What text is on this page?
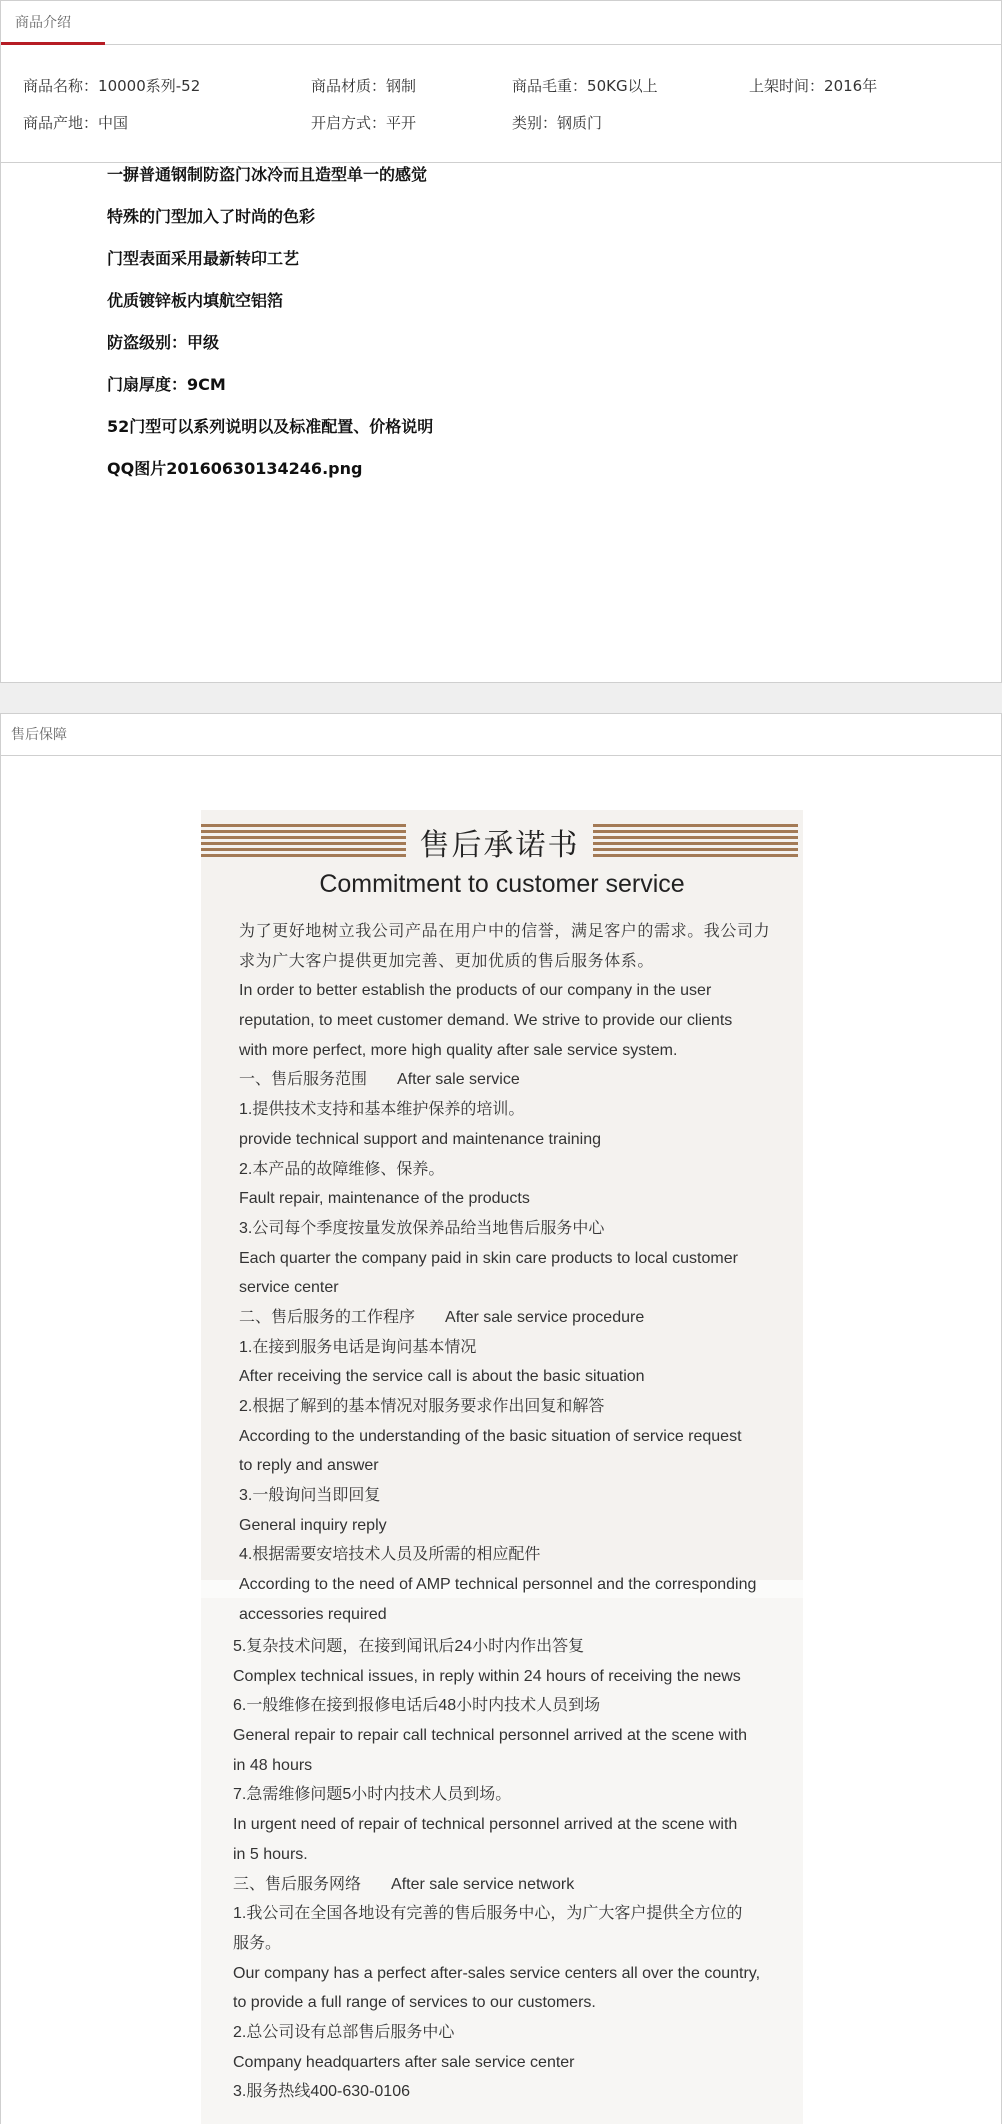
商品介绍
商品名称 ： 10000系列-52	商品材质 ： 钢制	商品毛重 ： 50KG以上	上架时间 ： 2016年
商品产地 ： 中国	开启方式 ： 平开	类别 ： 钢质门

一摒普通钢制防盗门冰冷而且造型单一的感觉

特殊的门型加入了时尚的色彩

门型表面采用最新转印工艺

优质镀锌板内填航空铝箔

防盗级别：甲级

门扇厚度：9CM

52门型可以系列说明以及标准配置、价格说明

QQ图片20160630134246.png

售后保障
售后承诺书
Commitment to customer service

为了更好地树立我公司产品在用户中的信誉，满足客户的需求。我公司力

求为广大客户提供更加完善、更加优质的售后服务体系。

In order to better establish the products of our company in the user

reputation, to meet customer demand. We strive to provide our clients

with more perfect, more high quality after sale service system.

一、售后服务范围 After sale service

1.提供技术支持和基本维护保养的培训。

provide technical support and maintenance training

2.本产品的故障维修、保养。

Fault repair, maintenance of the products

3.公司每个季度按量发放保养品给当地售后服务中心

Each quarter the company paid in skin care products to local customer

service center

二、售后服务的工作程序 After sale service procedure

1.在接到服务电话是询问基本情况

After receiving the service call is about the basic situation

2.根据了解到的基本情况对服务要求作出回复和解答

According to the understanding of the basic situation of service request

to reply and answer

3.一般询问当即回复

General inquiry reply

4.根据需要安培技术人员及所需的相应配件

According to the need of AMP technical personnel and the corresponding

accessories required

5.复杂技术问题，在接到闻讯后24小时内作出答复

Complex technical issues, in reply within 24 hours of receiving the news

6.一般维修在接到报修电话后48小时内技术人员到场

General repair to repair call technical personnel arrived at the scene with

in 48 hours

7.急需维修问题5小时内技术人员到场。

In urgent need of repair of technical personnel arrived at the scene with

in 5 hours.

三、售后服务网络 After sale service network

1.我公司在全国各地设有完善的售后服务中心，为广大客户提供全方位的

服务。

Our company has a perfect after-sales service centers all over the country,

to provide a full range of services to our customers.

2.总公司设有总部售后服务中心

Company headquarters after sale service center

3.服务热线400-630-0106
